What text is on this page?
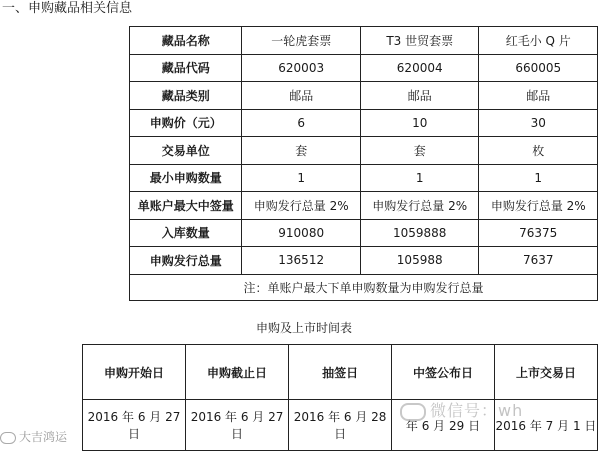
一、申购藏品相关信息
藏品名称	一轮虎套票	T3 世贸套票	红毛小 Q 片
藏品代码	620003	620004	660005
藏品类别	邮品	邮品	邮品
申购价（元）	6	10	30
交易单位	套	套	枚
最小申购数量	1	1	1
单账户最大中签量	申购发行总量 2%	申购发行总量 2%	申购发行总量 2%
入库数量	910080	1059888	76375
申购发行总量	136512	105988	7637
注：单账户最大下单申购数量为申购发行总量			
申购及上市时间表
申购开始日	申购截止日	抽签日	中签公布日	上市交易日
2016 年 6 月 27 日	2016 年 6 月 27 日	2016 年 6 月 28 日	年 6 月 29 日	2016 年 7 月 1 日
大吉鸿运
微信号：wh
